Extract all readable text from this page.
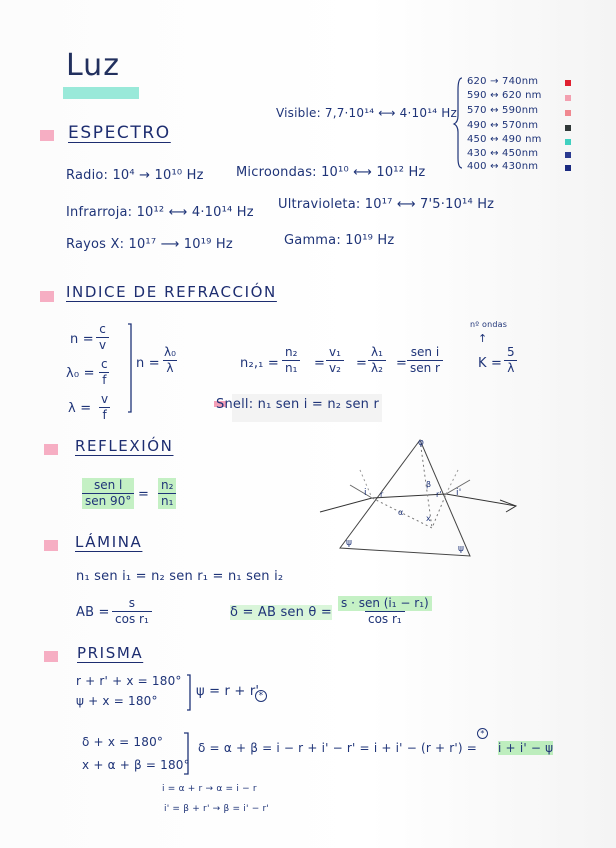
Luz
ESPECTRO
Visible: 7,7·10¹⁴ ⟷ 4·10¹⁴ Hz
620 → 740nm
590 ↔ 620 nm
570 ↔ 590nm
490 ↔ 570nm
450 ↔ 490 nm
430 ↔ 450nm
400 ↔ 430nm
Radio: 10⁴ → 10¹⁰ Hz Microondas: 10¹⁰ ⟷ 10¹² Hz
Infrarroja: 10¹² ⟷ 4·10¹⁴ Hz
Ultravioleta: 10¹⁷ ⟷ 7'5·10¹⁴ Hz
Rayos X: 10¹⁷ ⟶ 10¹⁹ Hz	Gamma: 10¹⁹ Hz
INDICE DE REFRACCIÓN
$n = \frac{c}{v}$
$\lambda_0 = \frac{c}{f}$
$\lambda = \frac{v}{f}$
$n = \frac{\text{λ₀}}{\lambda}$	$n_2,_1 = \frac{\text{n₂}}{\text{n₁}} = \frac{\text{v₁}}{\text{v₂}} = \frac{\text{λ₁}}{\text{λ₂}}$ =
sen i
sen r
nº ondas
↑
$K = \frac{5}{\lambda}$
Snell: n₁ sen i = n₂ sen r
REFLEXIÓN
sen l
sen $90^\circ = \frac{\text{n₂}}{\text{n₁}}$
φ
i r	r' i'
β
α
x
ψ
ψ
LÁMINA
n₁ sen i₁ = n₂ sen r₁ = n₁ sen i₂
AB = $\frac{s}{\text{cos r₁}}$	δ = AB sen θ =
s · sen (i₁ − r₁)
cos r₁
PRISMA
r + r' + x = 180°
ψ + x = 180°
ψ = r + r' *
δ + x = 180°
x + α + β = 180°
δ = α + β = i − r + i' − r' = i + i' − (r + r') =
*
i + i' − ψ
i = α + r → α = i − r
i' = β + r' → β = i' − r'
